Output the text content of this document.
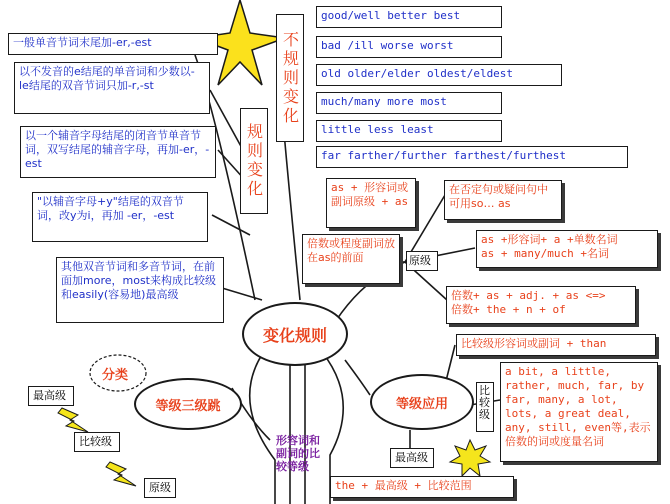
一般单音节词末尾加-er,-est
以不发音的e结尾的单音词和少数以- le结尾的双音节词只加-r,-st
以一个辅音字母结尾的闭音节单音节词，双写结尾的辅音字母，再加-er，-est
"以辅音字母+y"结尾的双音节词，改y为i，再加 -er，-est
其他双音节词和多音节词，在前面加more，most来构成比较级和easily(容易地)最高级
规则变化
不规则变化
good/well better best
bad /ill worse worst
old older/elder oldest/eldest
much/many more most
little less least
far farther/further farthest/furthest
as + 形容词或副词原级 + as
在否定句或疑问句中可用so… as
倍数或程度副词放在as的前面	原级
as +形容词+ a +单数名词
as + many/much +名词
倍数+ as + adj. + as <=>
倍数+ the + n + of
比较级形容词或副词 + than
比较级
a bit, a little, rather, much, far, by far, many, a lot, lots, a great deal, any, still, even等,表示倍数的词或度量名词
最高级
the + 最高级 + 比较范围
变化规则
等级三级跳	等级应用
分类
最高级
比较级
原级
形容词和副词的比较等级
